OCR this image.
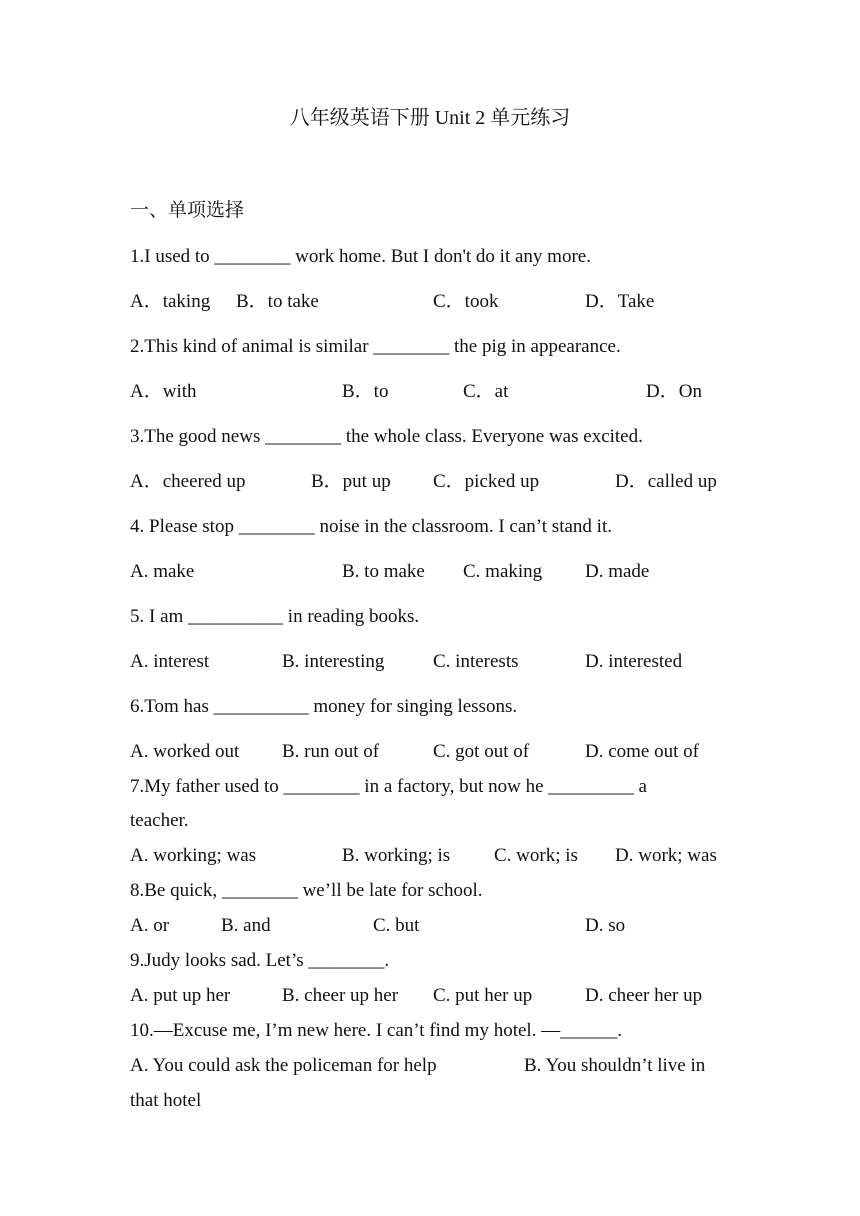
八年级英语下册 Unit 2 单元练习
一、单项选择
1.I used to ________ work home. But I don't do it any more.
A．taking B．to take	C．took	D．Take
2.This kind of animal is similar ________ the pig in appearance.
A．with	B．to	C．at	D．On
3.The good news ________ the whole class. Everyone was excited.
A．cheered up	B．put up C．picked up	D．called up
4. Please stop ________ noise in the classroom. I can’t stand it.
A. make	B. to make C. making D. made
5. I am __________ in reading books.
A. interest	B. interesting	C. interests	D. interested
6.Tom has __________ money for singing lessons.
A. worked out B. run out of	C. got out of	D. come out of
7.My father used to ________ in a factory, but now he _________ a
teacher.
A. working; was	B. working; is C. work; is D. work; was
8.Be quick, ________ we’ll be late for school.
A. or	B. and	C. but	D. so
9.Judy looks sad. Let’s ________.
A. put up her	B. cheer up her C. put her up	D. cheer her up
10.—Excuse me, I’m new here. I can’t find my hotel. —______.
A. You could ask the policeman for help	B. You shouldn’t live in
that hotel
